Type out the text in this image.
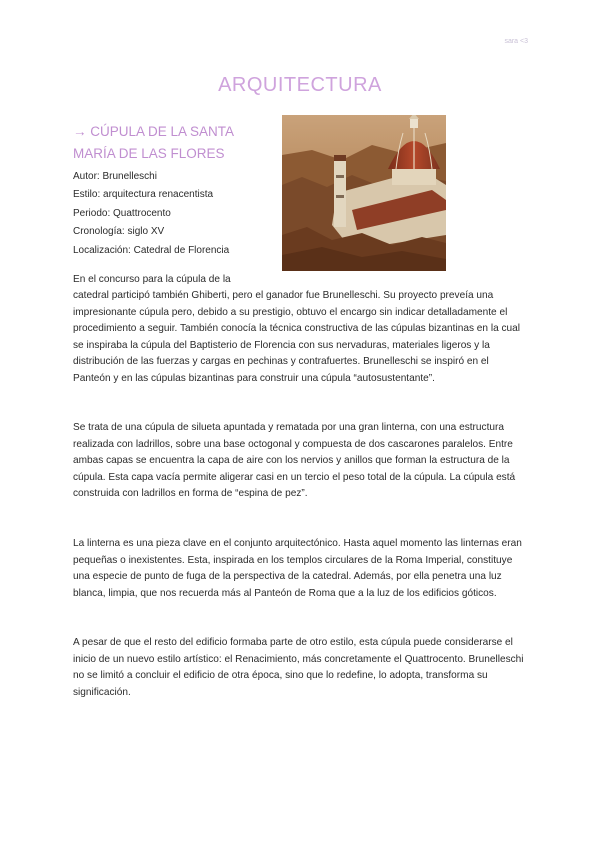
sara <3
ARQUITECTURA
→ CÚPULA DE LA SANTA MARÍA DE LAS FLORES
Autor: Brunelleschi
Estilo: arquitectura renacentista
Periodo: Quattrocento
Cronología: siglo XV
Localización: Catedral de Florencia
En el concurso para la cúpula de la
catedral participó también Ghiberti, pero el ganador fue Brunelleschi. Su proyecto preveía una impresionante cúpula pero, debido a su prestigio, obtuvo el encargo sin indicar detalladamente el procedimiento a seguir. También conocía la técnica constructiva de las cúpulas bizantinas en la cual se inspiraba la cúpula del Baptisterio de Florencia con sus nervaduras, materiales ligeros y la distribución de las fuerzas y cargas en pechinas y contrafuertes. Brunelleschi se inspiró en el Panteón y en las cúpulas bizantinas para construir una cúpula “autosustentante”.
Se trata de una cúpula de silueta apuntada y rematada por una gran linterna, con una estructura realizada con ladrillos, sobre una base octogonal y compuesta de dos cascarones paralelos. Entre ambas capas se encuentra la capa de aire con los nervios y anillos que forman la estructura de la cúpula. Esta capa vacía permite aligerar casi en un tercio el peso total de la cúpula. La cúpula está construida con ladrillos en forma de “espina de pez”.
La linterna es una pieza clave en el conjunto arquitectónico. Hasta aquel momento las linternas eran pequeñas o inexistentes. Esta, inspirada en los templos circulares de la Roma Imperial, constituye una especie de punto de fuga de la perspectiva de la catedral. Además, por ella penetra una luz blanca, limpia, que nos recuerda más al Panteón de Roma que a la luz de los edificios góticos.
A pesar de que el resto del edificio formaba parte de otro estilo, esta cúpula puede considerarse el inicio de un nuevo estilo artístico: el Renacimiento, más concretamente el Quattrocento. Brunelleschi no se limitó a concluir el edificio de otra época, sino que lo redefine, lo adopta, transforma su significación.
